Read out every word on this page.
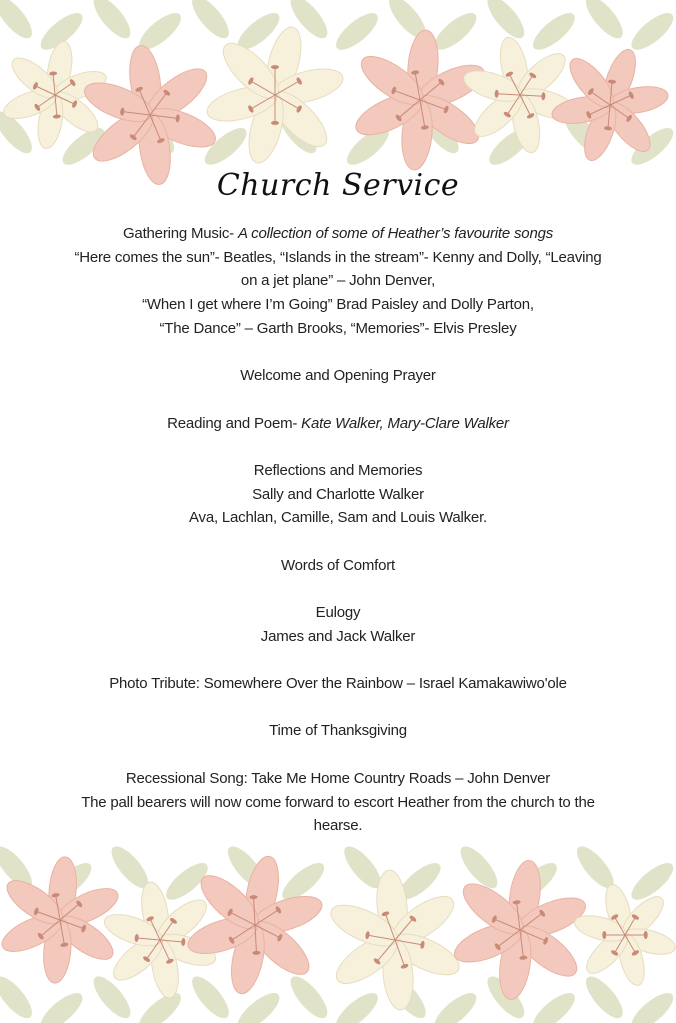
Church Service
Gathering Music- A collection of some of Heather’s favourite songs
“Here comes the sun”- Beatles, “Islands in the stream”- Kenny and Dolly, “Leaving
on a jet plane” – John Denver,
“When I get where I’m Going” Brad Paisley and Dolly Parton,
“The Dance” – Garth Brooks, “Memories”- Elvis Presley
Welcome and Opening Prayer
Reading and Poem- Kate Walker, Mary-Clare Walker
Reflections and Memories
Sally and Charlotte Walker
Ava, Lachlan, Camille, Sam and Louis Walker.
Words of Comfort
Eulogy
James and Jack Walker
Photo Tribute: Somewhere Over the Rainbow – Israel Kamakawiwo'ole
Time of Thanksgiving
Recessional Song: Take Me Home Country Roads – John Denver
The pall bearers will now come forward to escort Heather from the church to the
hearse.
